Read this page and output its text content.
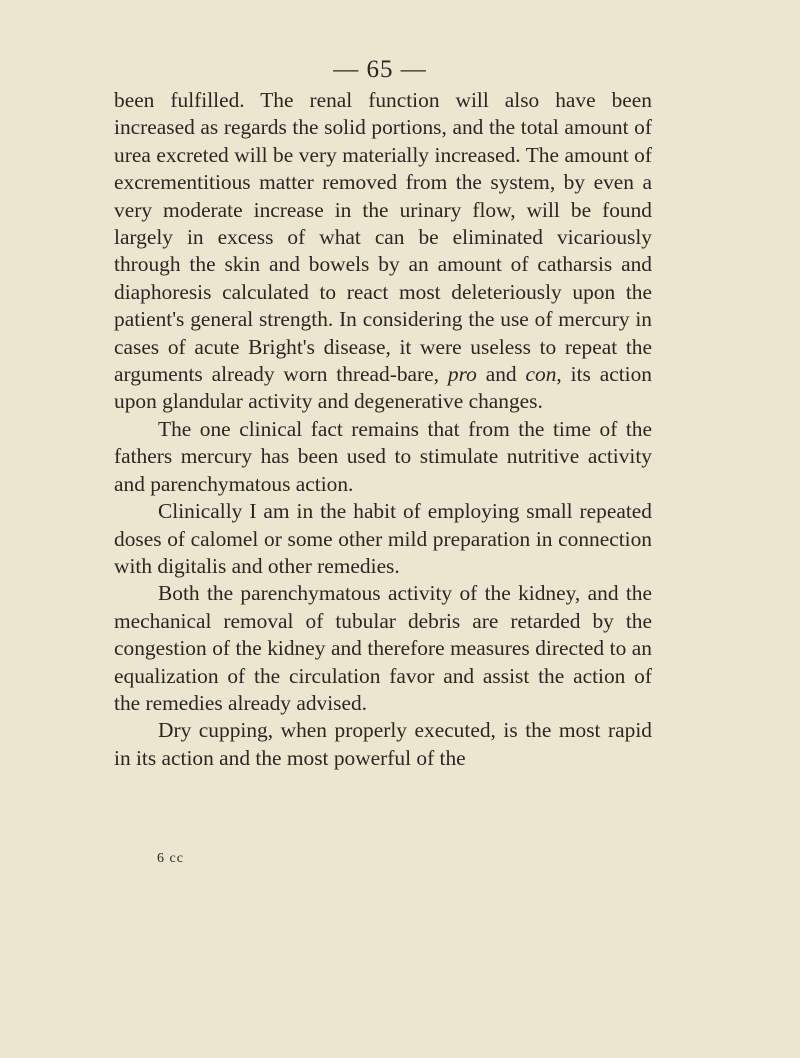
— 65 —

been fulfilled. The renal function will also have been increased as regards the solid portions, and the total amount of urea excreted will be very materially increased. The amount of excrementitious matter removed from the system, by even a very moderate increase in the urinary flow, will be found largely in excess of what can be eliminated vicariously through the skin and bowels by an amount of catharsis and diaphoresis calculated to react most deleteriously upon the patient's general strength. In considering the use of mercury in cases of acute Bright's disease, it were useless to repeat the arguments already worn thread-bare, pro and con, its action upon glandular activity and degenerative changes.

The one clinical fact remains that from the time of the fathers mercury has been used to stimulate nutritive activity and parenchymatous action.

Clinically I am in the habit of employing small repeated doses of calomel or some other mild preparation in connection with digitalis and other remedies.

Both the parenchymatous activity of the kidney, and the mechanical removal of tubular debris are retarded by the congestion of the kidney and therefore measures directed to an equalization of the circulation favor and assist the action of the remedies already advised.

Dry cupping, when properly executed, is the most rapid in its action and the most powerful of the

6 cc
